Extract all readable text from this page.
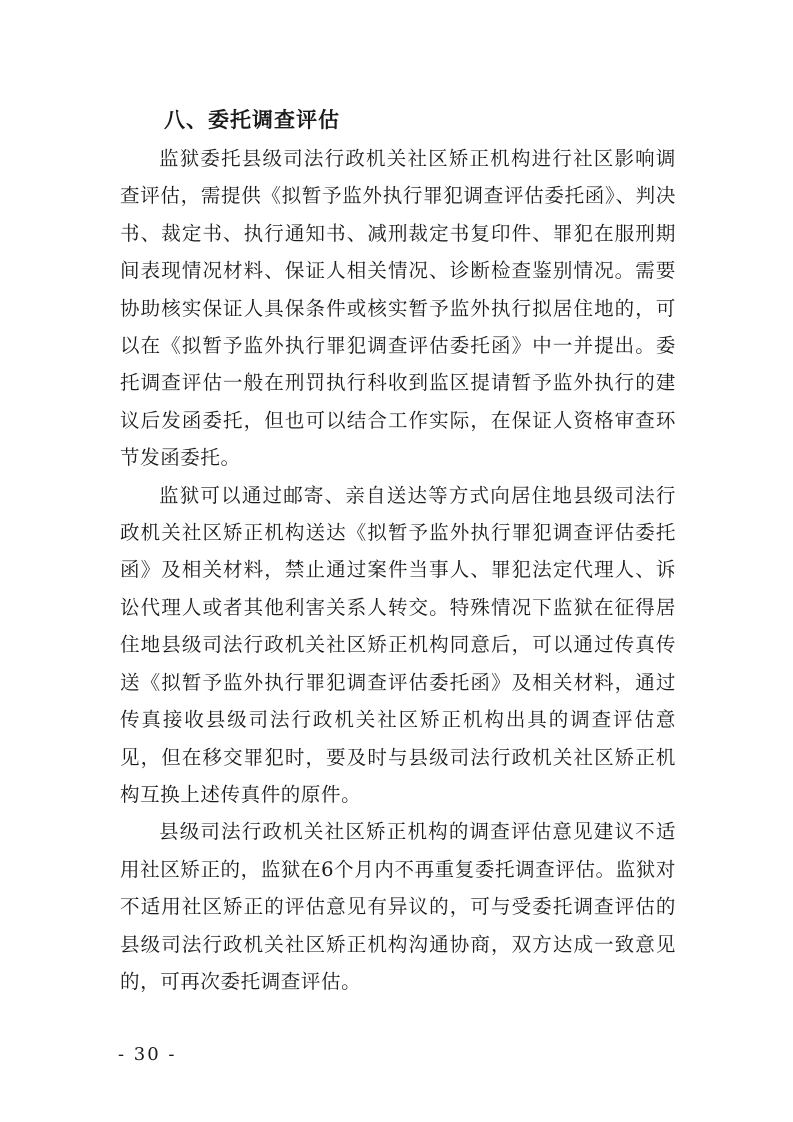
八、委托调查评估

监狱委托县级司法行政机关社区矫正机构进行社区影响调查评估，需提供《拟暂予监外执行罪犯调查评估委托函》、判决书、裁定书、执行通知书、减刑裁定书复印件、罪犯在服刑期间表现情况材料、保证人相关情况、诊断检查鉴别情况。需要协助核实保证人具保条件或核实暂予监外执行拟居住地的，可以在《拟暂予监外执行罪犯调查评估委托函》中一并提出。委托调查评估一般在刑罚执行科收到监区提请暂予监外执行的建议后发函委托，但也可以结合工作实际，在保证人资格审查环节发函委托。

监狱可以通过邮寄、亲自送达等方式向居住地县级司法行政机关社区矫正机构送达《拟暂予监外执行罪犯调查评估委托函》及相关材料，禁止通过案件当事人、罪犯法定代理人、诉讼代理人或者其他利害关系人转交。特殊情况下监狱在征得居住地县级司法行政机关社区矫正机构同意后，可以通过传真传送《拟暂予监外执行罪犯调查评估委托函》及相关材料，通过传真接收县级司法行政机关社区矫正机构出具的调查评估意见，但在移交罪犯时，要及时与县级司法行政机关社区矫正机构互换上述传真件的原件。

县级司法行政机关社区矫正机构的调查评估意见建议不适用社区矫正的，监狱在6个月内不再重复委托调查评估。监狱对不适用社区矫正的评估意见有异议的，可与受委托调查评估的县级司法行政机关社区矫正机构沟通协商，双方达成一致意见的，可再次委托调查评估。

- 30 -
